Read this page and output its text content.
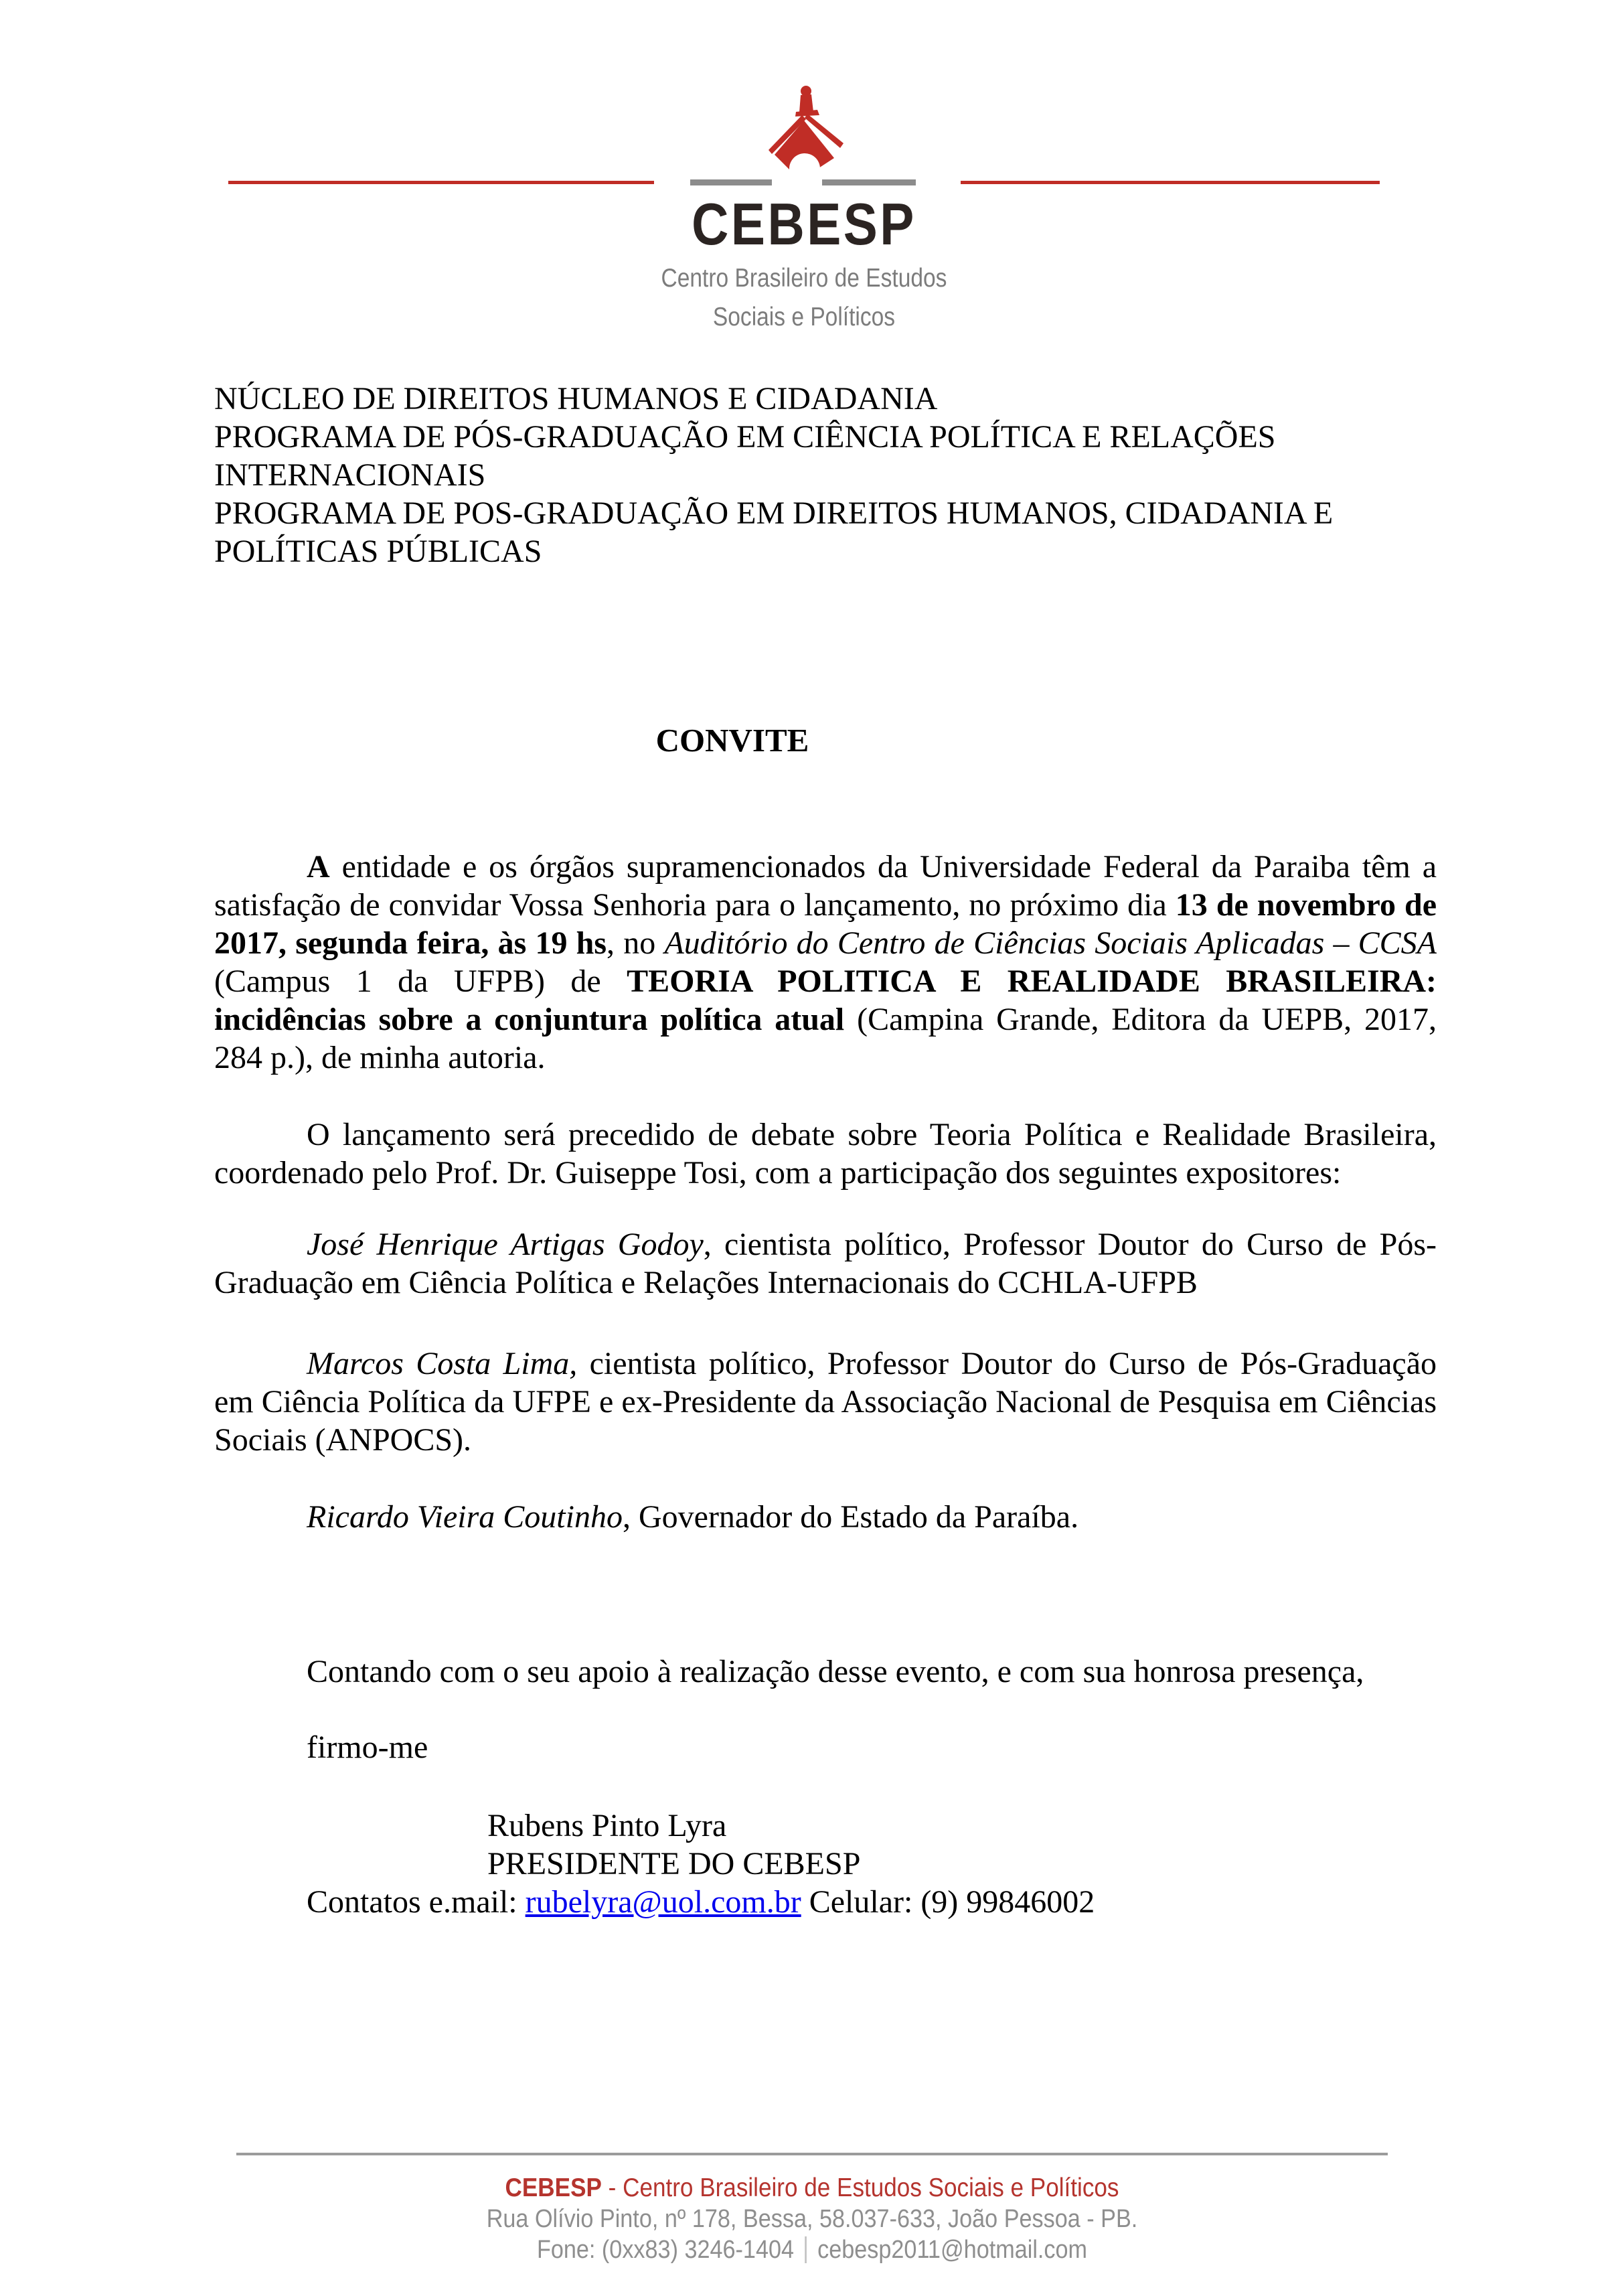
CEBESP
Centro Brasileiro de Estudos
Sociais e Políticos
NÚCLEO DE DIREITOS HUMANOS E CIDADANIA
PROGRAMA DE PÓS-GRADUAÇÃO EM CIÊNCIA POLÍTICA E RELAÇÕES INTERNACIONAIS
PROGRAMA DE POS-GRADUAÇÃO EM DIREITOS HUMANOS, CIDADANIA E POLÍTICAS PÚBLICAS
CONVITE

A entidade e os órgãos supramencionados da Universidade Federal da Paraiba têm a satisfação de convidar Vossa Senhoria para o lançamento, no próximo dia 13 de novembro de 2017, segunda feira, às 19 hs, no Auditório do Centro de Ciências Sociais Aplicadas – CCSA (Campus 1 da UFPB) de TEORIA POLITICA E REALIDADE BRASILEIRA: incidências sobre a conjuntura política atual (Campina Grande, Editora da UEPB, 2017, 284 p.), de minha autoria.

O lançamento será precedido de debate sobre Teoria Política e Realidade Brasileira, coordenado pelo Prof. Dr. Guiseppe Tosi, com a participação dos seguintes expositores:

José Henrique Artigas Godoy, cientista político, Professor Doutor do Curso de Pós-Graduação em Ciência Política e Relações Internacionais do CCHLA-UFPB

Marcos Costa Lima, cientista político, Professor Doutor do Curso de Pós-Graduação em Ciência Política da UFPE e ex-Presidente da Associação Nacional de Pesquisa em Ciências Sociais (ANPOCS).

Ricardo Vieira Coutinho, Governador do Estado da Paraíba.

Contando com o seu apoio à realização desse evento, e com sua honrosa presença,

firmo-me

Rubens Pinto Lyra
PRESIDENTE DO CEBESP

Contatos e.mail: rubelyra@uol.com.br Celular: (9) 99846002

CEBESP - Centro Brasileiro de Estudos Sociais e Políticos
Rua Olívio Pinto, nº 178, Bessa, 58.037-633, João Pessoa - PB.
Fone: (0xx83) 3246-1404 cebesp2011@hotmail.com
